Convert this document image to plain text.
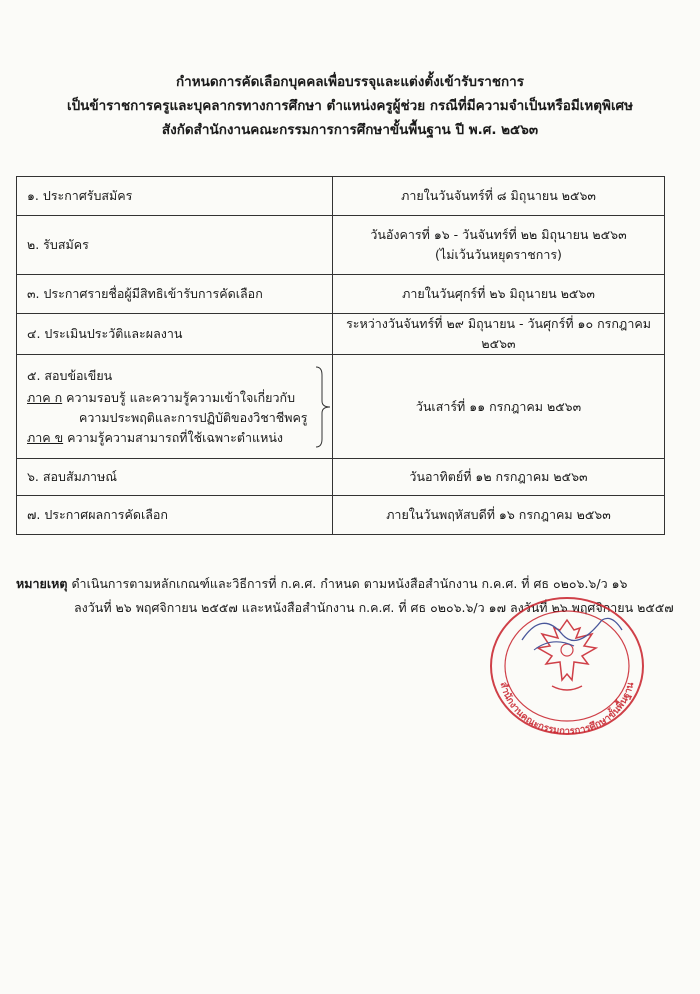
กำหนดการคัดเลือกบุคคลเพื่อบรรจุและแต่งตั้งเข้ารับราชการ
เป็นข้าราชการครูและบุคลากรทางการศึกษา ตำแหน่งครูผู้ช่วย กรณีที่มีความจำเป็นหรือมีเหตุพิเศษ
สังกัดสำนักงานคณะกรรมการการศึกษาขั้นพื้นฐาน ปี พ.ศ. ๒๕๖๓
๑. ประกาศรับสมัคร	ภายในวันจันทร์ที่ ๘ มิถุนายน ๒๕๖๓
๒. รับสมัคร	วันอังคารที่ ๑๖ - วันจันทร์ที่ ๒๒ มิถุนายน ๒๕๖๓
(ไม่เว้นวันหยุดราชการ)

๓. ประกาศรายชื่อผู้มีสิทธิเข้ารับการคัดเลือก	ภายในวันศุกร์ที่ ๒๖ มิถุนายน ๒๕๖๓
๔. ประเมินประวัติและผลงาน	ระหว่างวันจันทร์ที่ ๒๙ มิถุนายน - วันศุกร์ที่ ๑๐ กรกฎาคม ๒๕๖๓

๕. สอบข้อเขียน
ภาค ก ความรอบรู้ และความรู้ความเข้าใจเกี่ยวกับ
ความประพฤติและการปฏิบัติของวิชาชีพครู
ภาค ข ความรู้ความสามารถที่ใช้เฉพาะตำแหน่ง	วันเสาร์ที่ ๑๑ กรกฎาคม ๒๕๖๓
๖. สอบสัมภาษณ์	วันอาทิตย์ที่ ๑๒ กรกฎาคม ๒๕๖๓
๗. ประกาศผลการคัดเลือก	ภายในวันพฤหัสบดีที่ ๑๖ กรกฎาคม ๒๕๖๓
หมายเหตุ ดำเนินการตามหลักเกณฑ์และวิธีการที่ ก.ค.ศ. กำหนด ตามหนังสือสำนักงาน ก.ค.ศ. ที่ ศธ ๐๒๐๖.๖/ว ๑๖
ลงวันที่ ๒๖ พฤศจิกายน ๒๕๕๗ และหนังสือสำนักงาน ก.ค.ศ. ที่ ศธ ๐๒๐๖.๖/ว ๑๗ ลงวันที่ ๒๖ พฤศจิกายน ๒๕๕๗
สำนักงานคณะกรรมการการศึกษาขั้นพื้นฐาน
